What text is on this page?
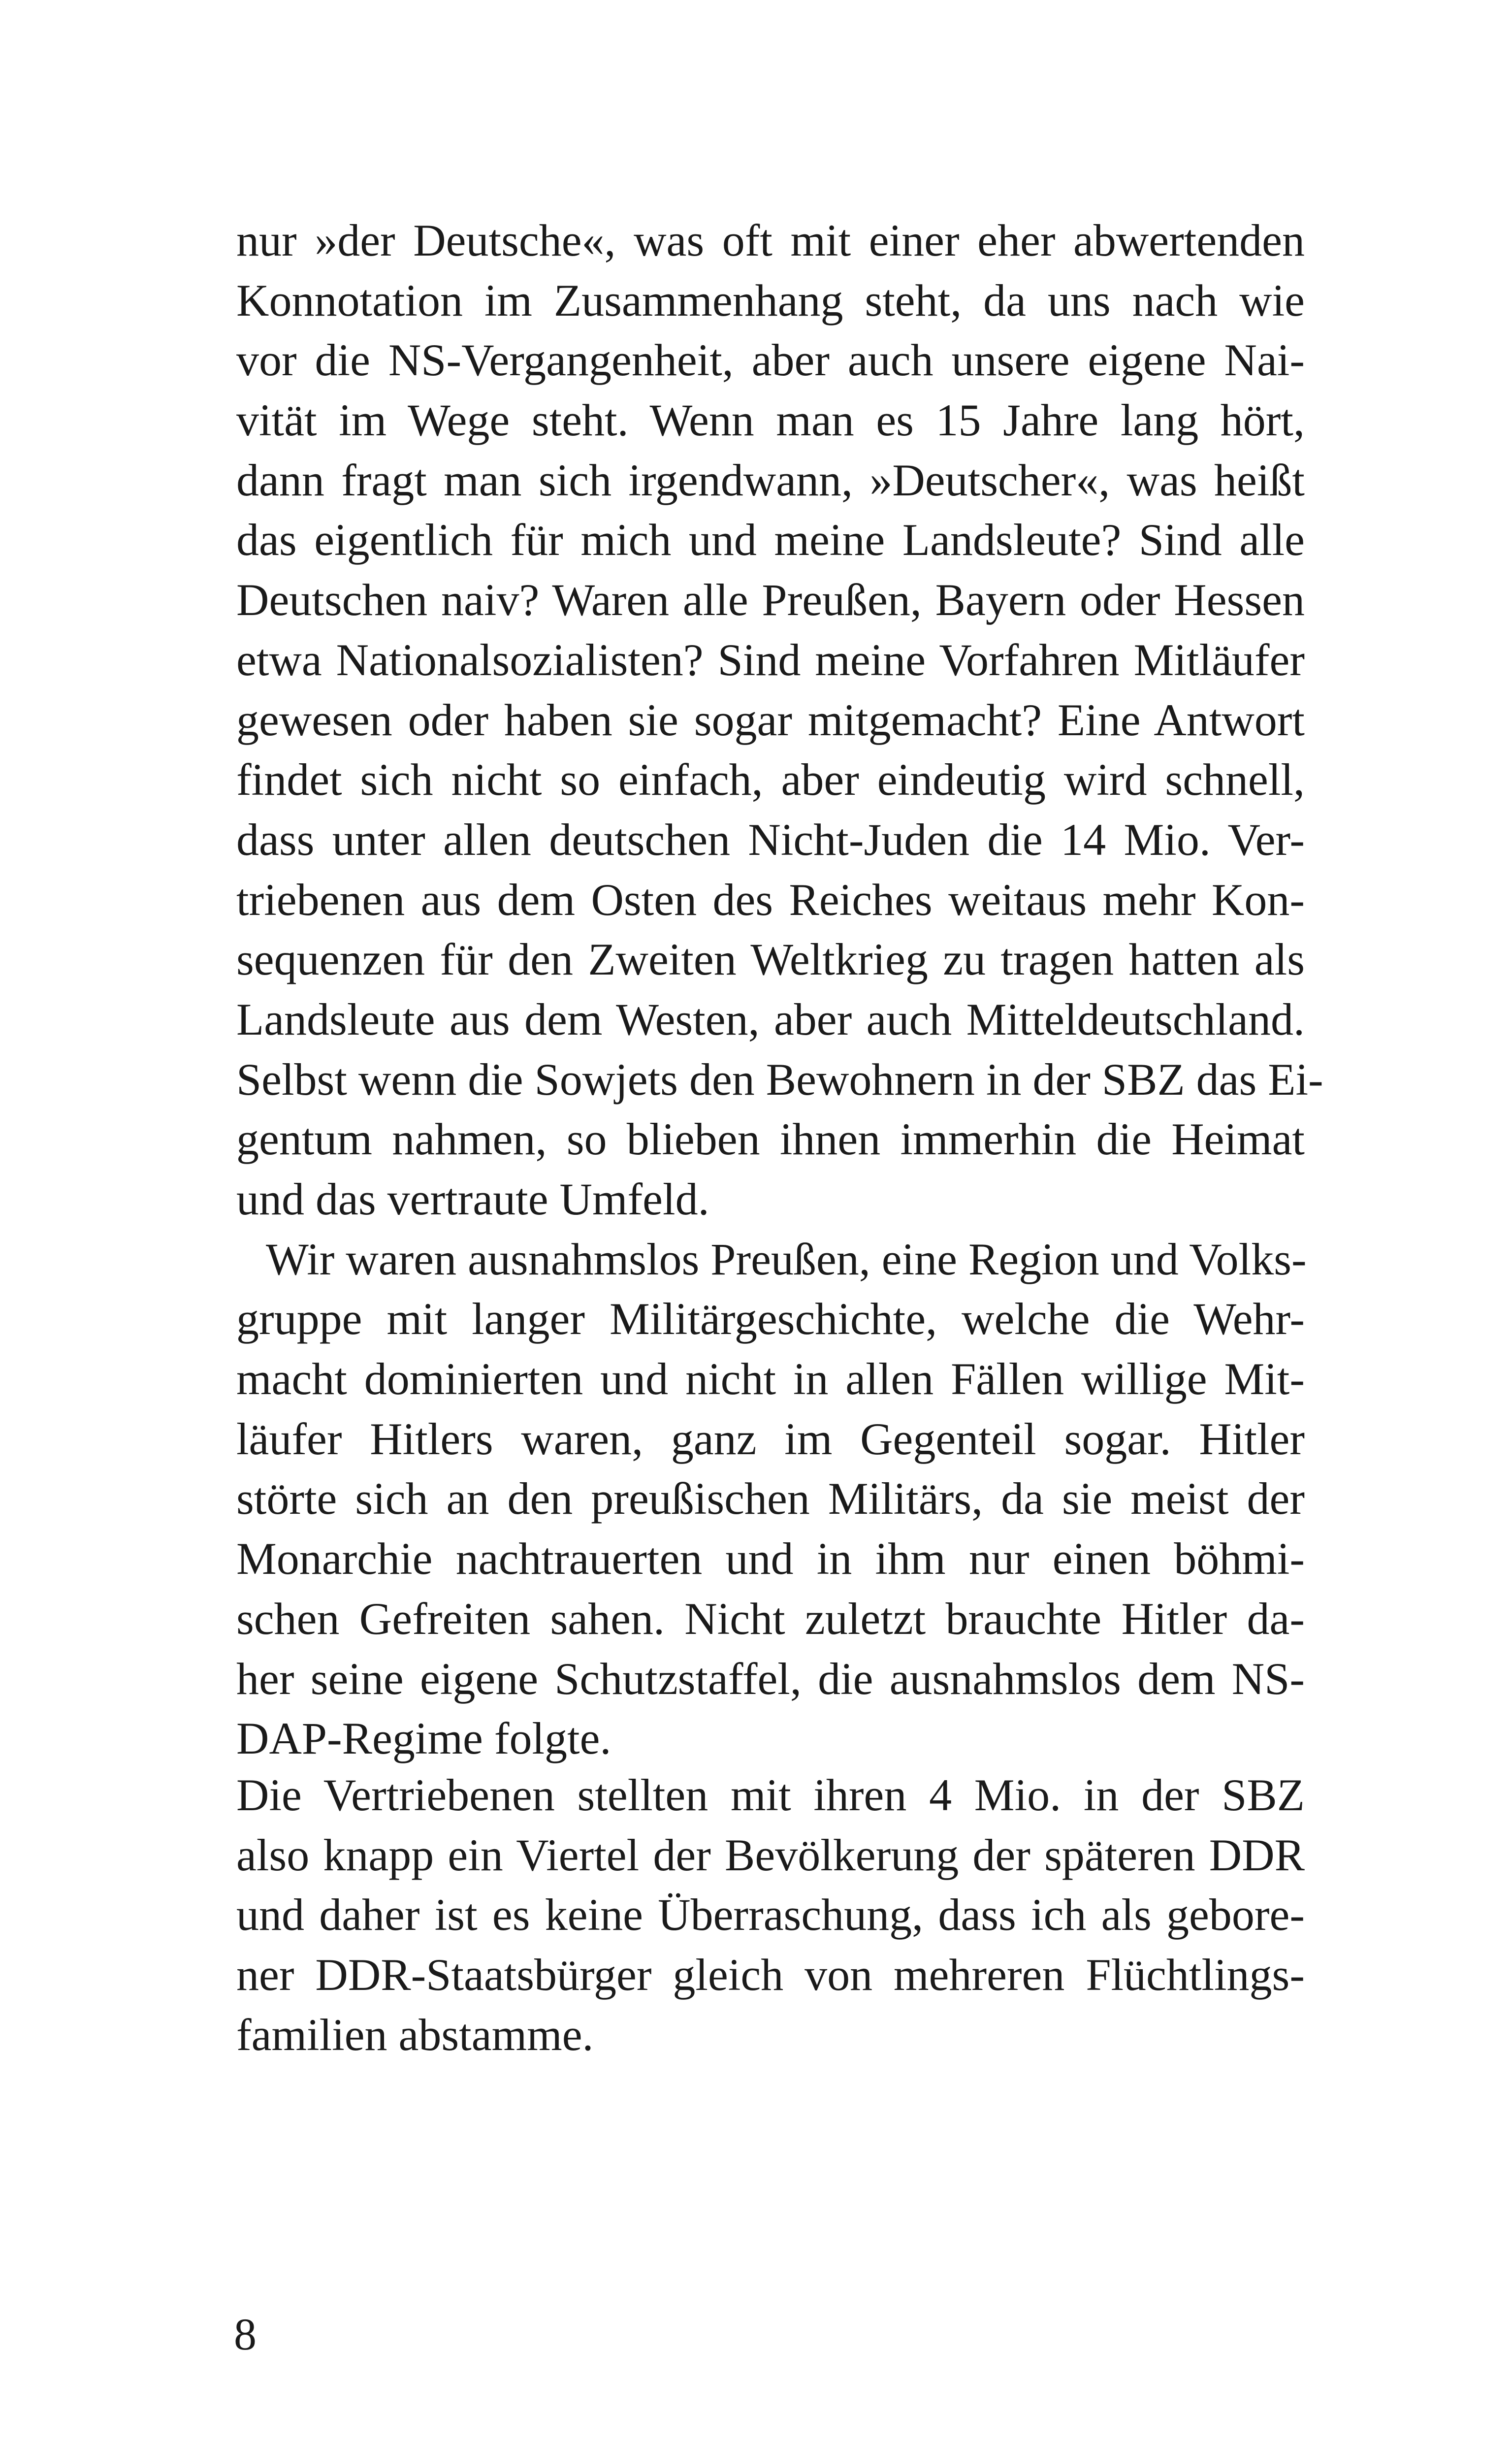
nur »der Deutsche«, was oft mit einer eher abwertenden
Konnotation im Zusammenhang steht, da uns nach wie
vor die NS-Vergangenheit, aber auch unsere eigene Nai-
vität im Wege steht. Wenn man es 15 Jahre lang hört,
dann fragt man sich irgendwann, »Deutscher«, was heißt
das eigentlich für mich und meine Landsleute? Sind alle
Deutschen naiv? Waren alle Preußen, Bayern oder Hessen
etwa Nationalsozialisten? Sind meine Vorfahren Mitläufer
gewesen oder haben sie sogar mitgemacht? Eine Antwort
findet sich nicht so einfach, aber eindeutig wird schnell,
dass unter allen deutschen Nicht-Juden die 14 Mio. Ver-
triebenen aus dem Osten des Reiches weitaus mehr Kon-
sequenzen für den Zweiten Weltkrieg zu tragen hatten als
Landsleute aus dem Westen, aber auch Mitteldeutschland.
Selbst wenn die Sowjets den Bewohnern in der SBZ das Ei-
gentum nahmen, so blieben ihnen immerhin die Heimat
und das vertraute Umfeld.
Wir waren ausnahmslos Preußen, eine Region und Volks-
gruppe mit langer Militärgeschichte, welche die Wehr-
macht dominierten und nicht in allen Fällen willige Mit-
läufer Hitlers waren, ganz im Gegenteil sogar. Hitler
störte sich an den preußischen Militärs, da sie meist der
Monarchie nachtrauerten und in ihm nur einen böhmi-
schen Gefreiten sahen. Nicht zuletzt brauchte Hitler da-
her seine eigene Schutzstaffel, die ausnahmslos dem NS-
DAP-Regime folgte.
Die Vertriebenen stellten mit ihren 4 Mio. in der SBZ
also knapp ein Viertel der Bevölkerung der späteren DDR
und daher ist es keine Überraschung, dass ich als gebore-
ner DDR-Staatsbürger gleich von mehreren Flüchtlings-
familien abstamme.
8
